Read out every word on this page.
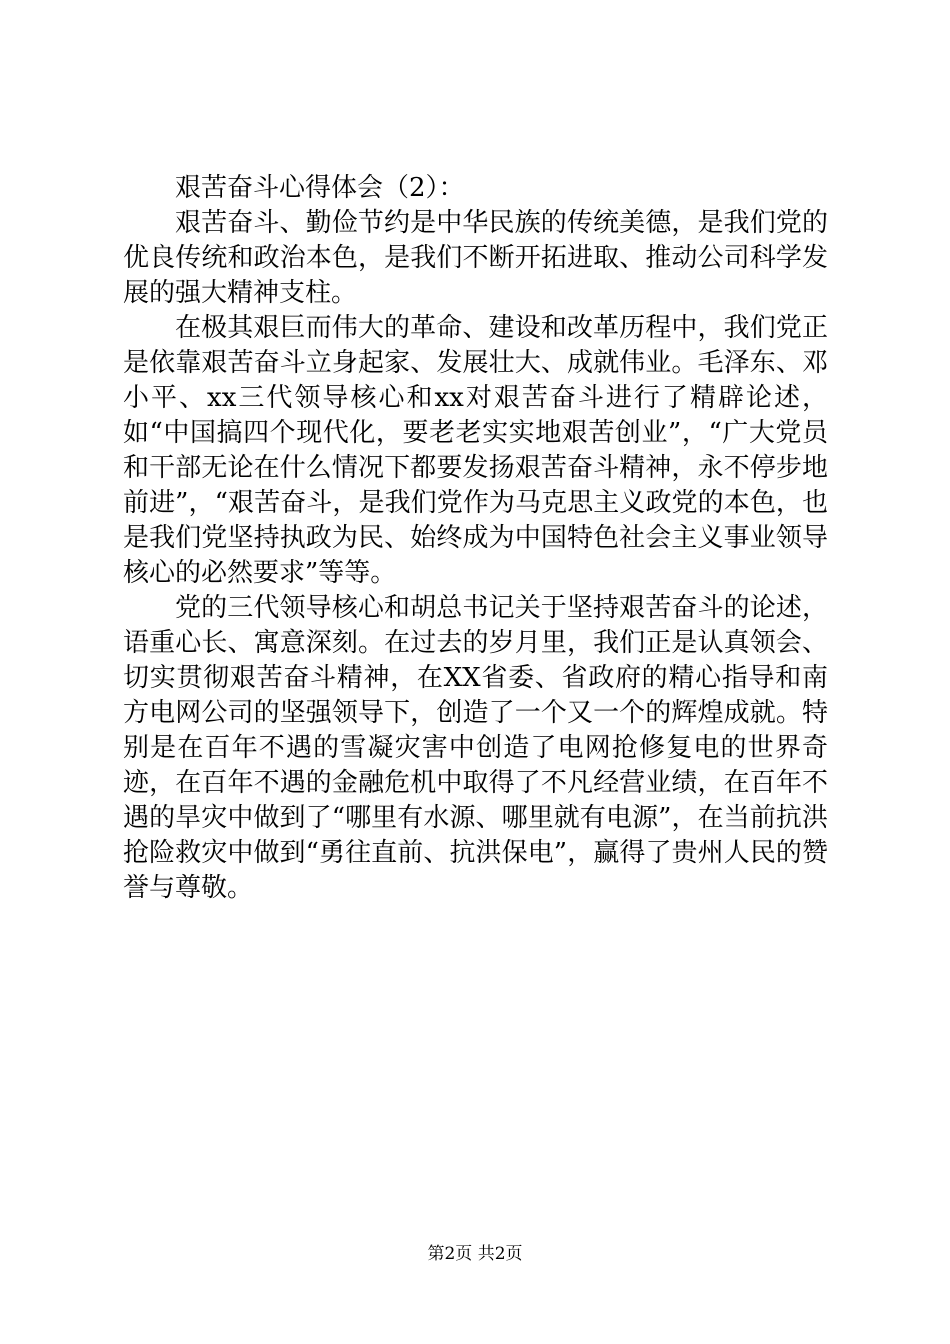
艰苦奋斗心得体会（2）：

艰苦奋斗、勤俭节约是中华民族的传统美德，是我们党的优良传统和政治本色，是我们不断开拓进取、推动公司科学发展的强大精神支柱。

在极其艰巨而伟大的革命、建设和改革历程中，我们党正是依靠艰苦奋斗立身起家、发展壮大、成就伟业。毛泽东、邓小平、xx三代领导核心和xx对艰苦奋斗进行了精辟论述，如“中国搞四个现代化，要老老实实地艰苦创业”，“广大党员和干部无论在什么情况下都要发扬艰苦奋斗精神，永不停步地前进”，“艰苦奋斗，是我们党作为马克思主义政党的本色，也是我们党坚持执政为民、始终成为中国特色社会主义事业领导核心的必然要求”等等。

党的三代领导核心和胡总书记关于坚持艰苦奋斗的论述，语重心长、寓意深刻。在过去的岁月里，我们正是认真领会、切实贯彻艰苦奋斗精神，在XX省委、省政府的精心指导和南方电网公司的坚强领导下，创造了一个又一个的辉煌成就。特别是在百年不遇的雪凝灾害中创造了电网抢修复电的世界奇迹，在百年不遇的金融危机中取得了不凡经营业绩，在百年不遇的旱灾中做到了“哪里有水源、哪里就有电源”，在当前抗洪抢险救灾中做到“勇往直前、抗洪保电”，赢得了贵州人民的赞誉与尊敬。

第2页 共2页
